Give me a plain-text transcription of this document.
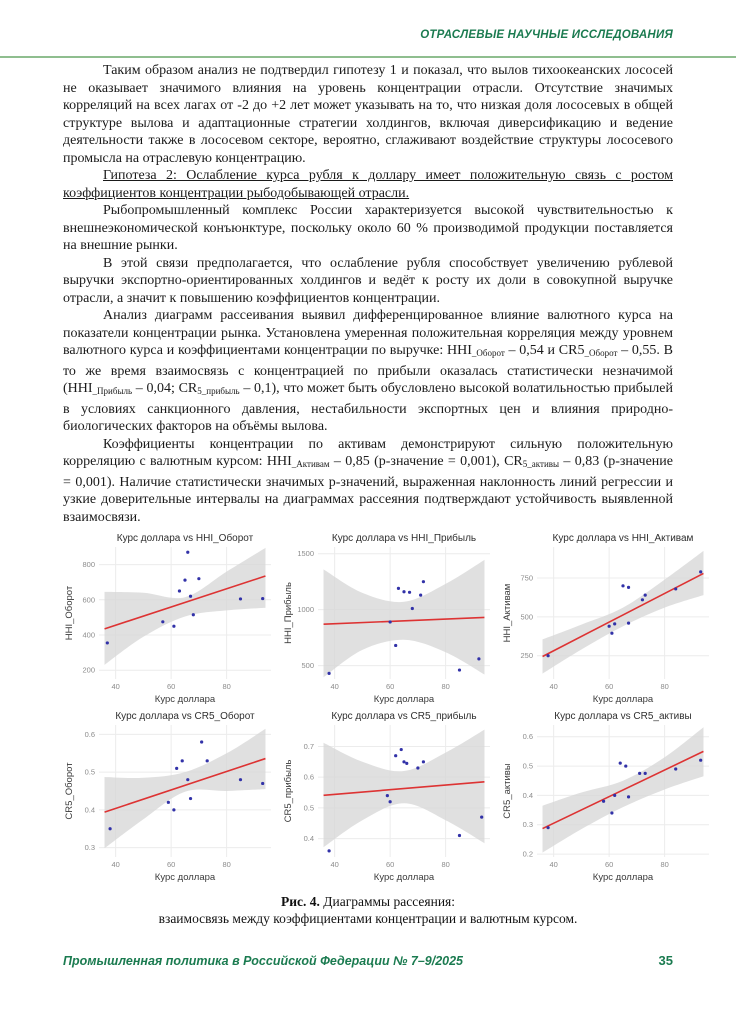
ОТРАСЛЕВЫЕ НАУЧНЫЕ ИССЛЕДОВАНИЯ

Таким образом анализ не подтвердил гипотезу 1 и показал, что вылов тихоокеанских лососей не оказывает значимого влияния на уровень концентрации отрасли. Отсутствие значимых корреляций на всех лагах от -2 до +2 лет может указывать на то, что низкая доля лососевых в общей структуре вылова и адаптационные стратегии холдингов, включая диверсификацию и ведение деятельности также в лососевом секторе, вероятно, сглаживают воздействие структуры лососевого промысла на отраслевую концентрацию.

Гипотеза 2: Ослабление курса рубля к доллару имеет положительную связь с ростом коэффициентов концентрации рыбодобывающей отрасли.

Рыбопромышленный комплекс России характеризуется высокой чувствительностью к внешнеэкономической конъюнктуре, поскольку около 60 % производимой продукции поставляется на внешние рынки.

В этой связи предполагается, что ослабление рубля способствует увеличению рублевой выручки экспортно-ориентированных холдингов и ведёт к росту их доли в совокупной выручке отрасли, а значит к повышению коэффициентов концентрации.

Анализ диаграмм рассеивания выявил дифференцированное влияние валютного курса на показатели концентрации рынка. Установлена умеренная положительная корреляция между уровнем валютного курса и коэффициентами концентрации по выручке: $HHI_{\_Оборот} - 0,54$ и $CR5_{\_Оборот} - 0,55$. В то же время взаимосвязь с концентрацией по прибыли оказалась статистически незначимой ($HHI_{\_Прибыль} - 0,04$; $CR_{5\_прибыль} - 0,1$), что может быть обусловлено высокой волатильностью прибылей в условиях санкционного давления, нестабильности экспортных цен и влияния природно-биологических факторов на объёмы вылова.

Коэффициенты концентрации по активам демонстрируют сильную положительную корреляцию с валютным курсом: $HHI_{\_Активам} - 0,85$ (p-значение = 0,001), $CR_{5\_активы} - 0,83$ (p-значение = 0,001). Наличие статистически значимых p-значений, выраженная наклонность линий регрессии и узкие доверительные интервалы на диаграммах рассеяния подтверждают устойчивость выявленной взаимосвязи.

40	60	80
200
400
600
800
Курс доллара vs HHI_Оборот
Курс доллара
HHI_Оборот
40	60	80
500
1000
1500
Курс доллара vs HHI_Прибыль
Курс доллара
HHI_Прибыль
40	60	80
250
500
750
Курс доллара vs HHI_Активам
Курс доллара
HHI_Активам
40	60	80
0.3
0.4
0.5
0.6
Курс доллара vs CR5_Оборот
Курс доллара
CR5_Оборот
40	60	80
0.4
0.5
0.6
0.7
Курс доллара vs CR5_прибыль
Курс доллара
CR5_прибыль
40	60	80
0.2
0.3
0.4
0.5
0.6
Курс доллара vs CR5_активы
Курс доллара
CR5_активы
Рис. 4. Диаграммы рассеяния:
взаимосвязь между коэффициентами концентрации и валютным курсом.
Промышленная политика в Российской Федерации № 7–9/2025	35
